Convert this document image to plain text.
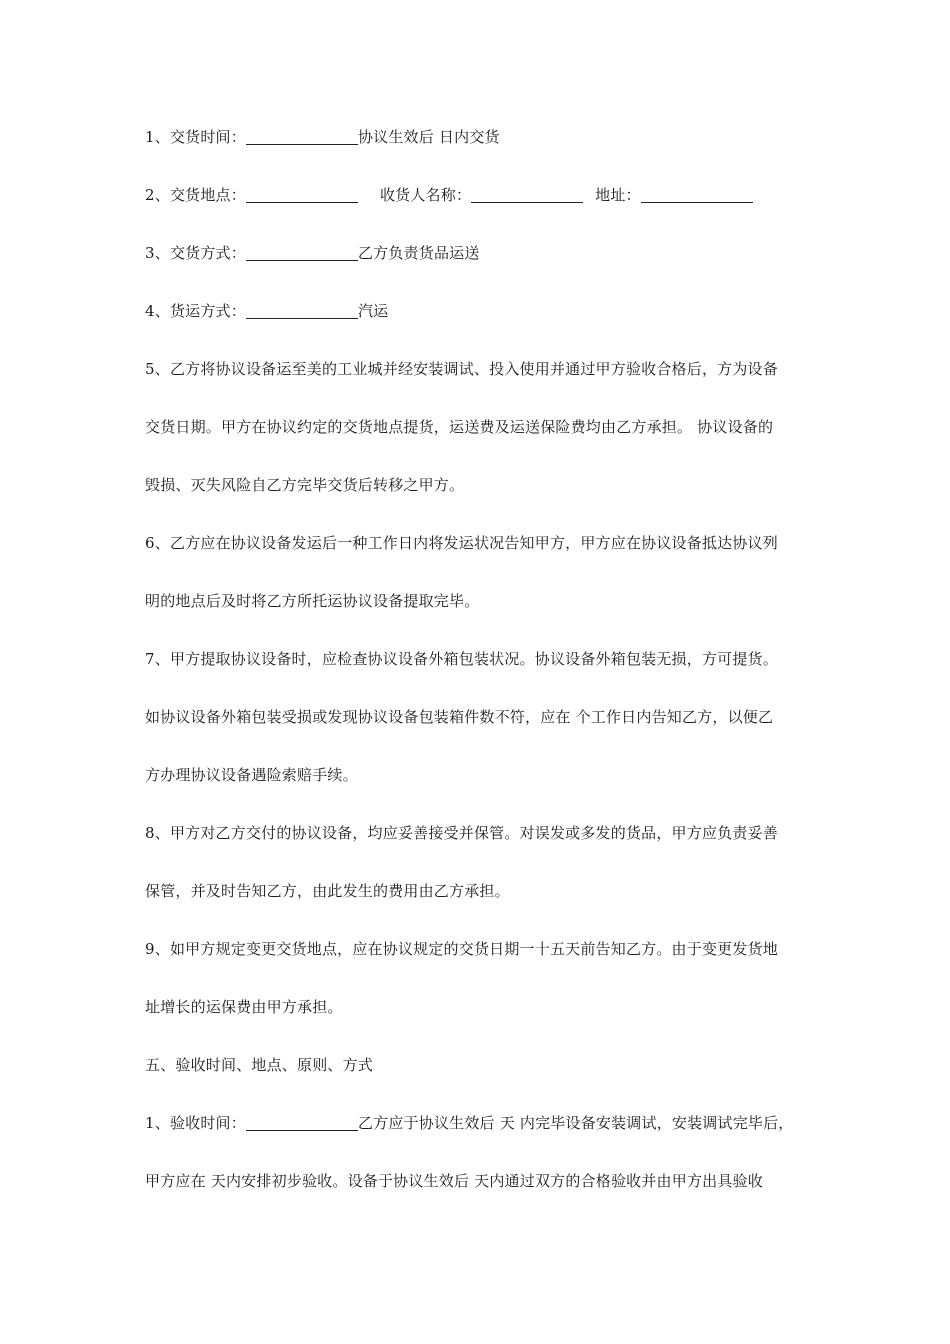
1、交货时间：	协议生效后 日内交货
2、交货地点：	收货人名称：	地址：
3、交货方式：	乙方负责货品运送
4、货运方式：	汽运
5、乙方将协议设备运至美的工业城并经安装调试、投入使用并通过甲方验收合格后，方为设备
交货日期。甲方在协议约定的交货地点提货，运送费及运送保险费均由乙方承担。 协议设备的
毁损、灭失风险自乙方完毕交货后转移之甲方。
6、乙方应在协议设备发运后一种工作日内将发运状况告知甲方，甲方应在协议设备抵达协议列
明的地点后及时将乙方所托运协议设备提取完毕。
7、甲方提取协议设备时，应检查协议设备外箱包装状况。协议设备外箱包装无损，方可提货。
如协议设备外箱包装受损或发现协议设备包装箱件数不符，应在 个工作日内告知乙方，以便乙
方办理协议设备遇险索赔手续。
8、甲方对乙方交付的协议设备，均应妥善接受并保管。对误发或多发的货品，甲方应负责妥善
保管，并及时告知乙方，由此发生的费用由乙方承担。
9、如甲方规定变更交货地点，应在协议规定的交货日期一十五天前告知乙方。由于变更发货地
址增长的运保费由甲方承担。
五、验收时间、地点、原则、方式
1、验收时间：	乙方应于协议生效后 天 内完毕设备安装调试，安装调试完毕后，
甲方应在 天内安排初步验收。设备于协议生效后 天内通过双方的合格验收并由甲方出具验收
